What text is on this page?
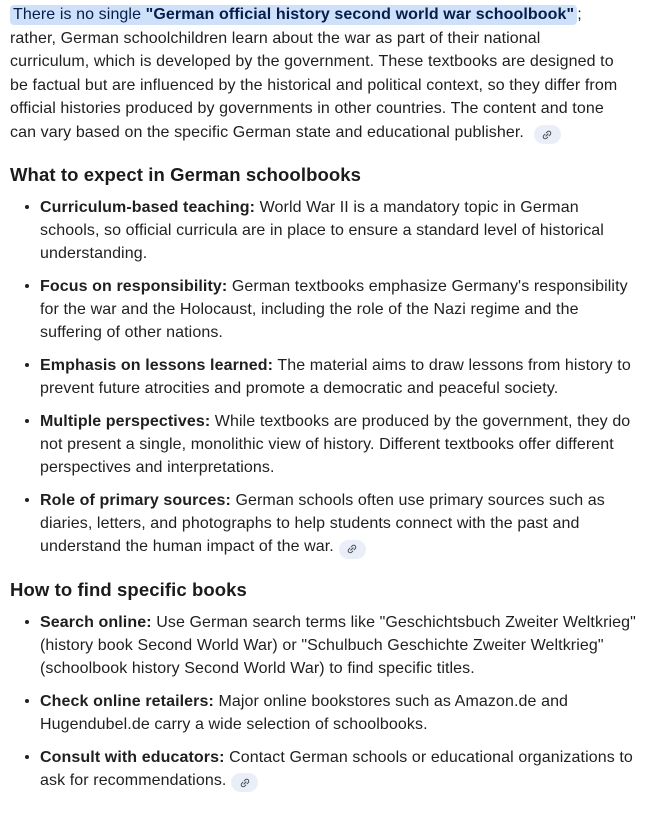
There is no single "German official history second world war schoolbook" ; rather, German schoolchildren learn about the war as part of their national curriculum, which is developed by the government. These textbooks are designed to be factual but are influenced by the historical and political context, so they differ from official histories produced by governments in other countries. The content and tone can vary based on the specific German state and educational publisher.

What to expect in German schoolbooks
Curriculum-based teaching: World War II is a mandatory topic in German schools, so official curricula are in place to ensure a standard level of historical understanding.
Focus on responsibility: German textbooks emphasize Germany's responsibility for the war and the Holocaust, including the role of the Nazi regime and the suffering of other nations.
Emphasis on lessons learned: The material aims to draw lessons from history to prevent future atrocities and promote a democratic and peaceful society.
Multiple perspectives: While textbooks are produced by the government, they do not present a single, monolithic view of history. Different textbooks offer different perspectives and interpretations.
Role of primary sources: German schools often use primary sources such as diaries, letters, and photographs to help students connect with the past and understand the human impact of the war.
How to find specific books
Search online: Use German search terms like "Geschichtsbuch Zweiter Weltkrieg" (history book Second World War) or "Schulbuch Geschichte Zweiter Weltkrieg" (schoolbook history Second World War) to find specific titles.
Check online retailers: Major online bookstores such as Amazon.de and Hugendubel.de carry a wide selection of schoolbooks.
Consult with educators: Contact German schools or educational organizations to ask for recommendations.
